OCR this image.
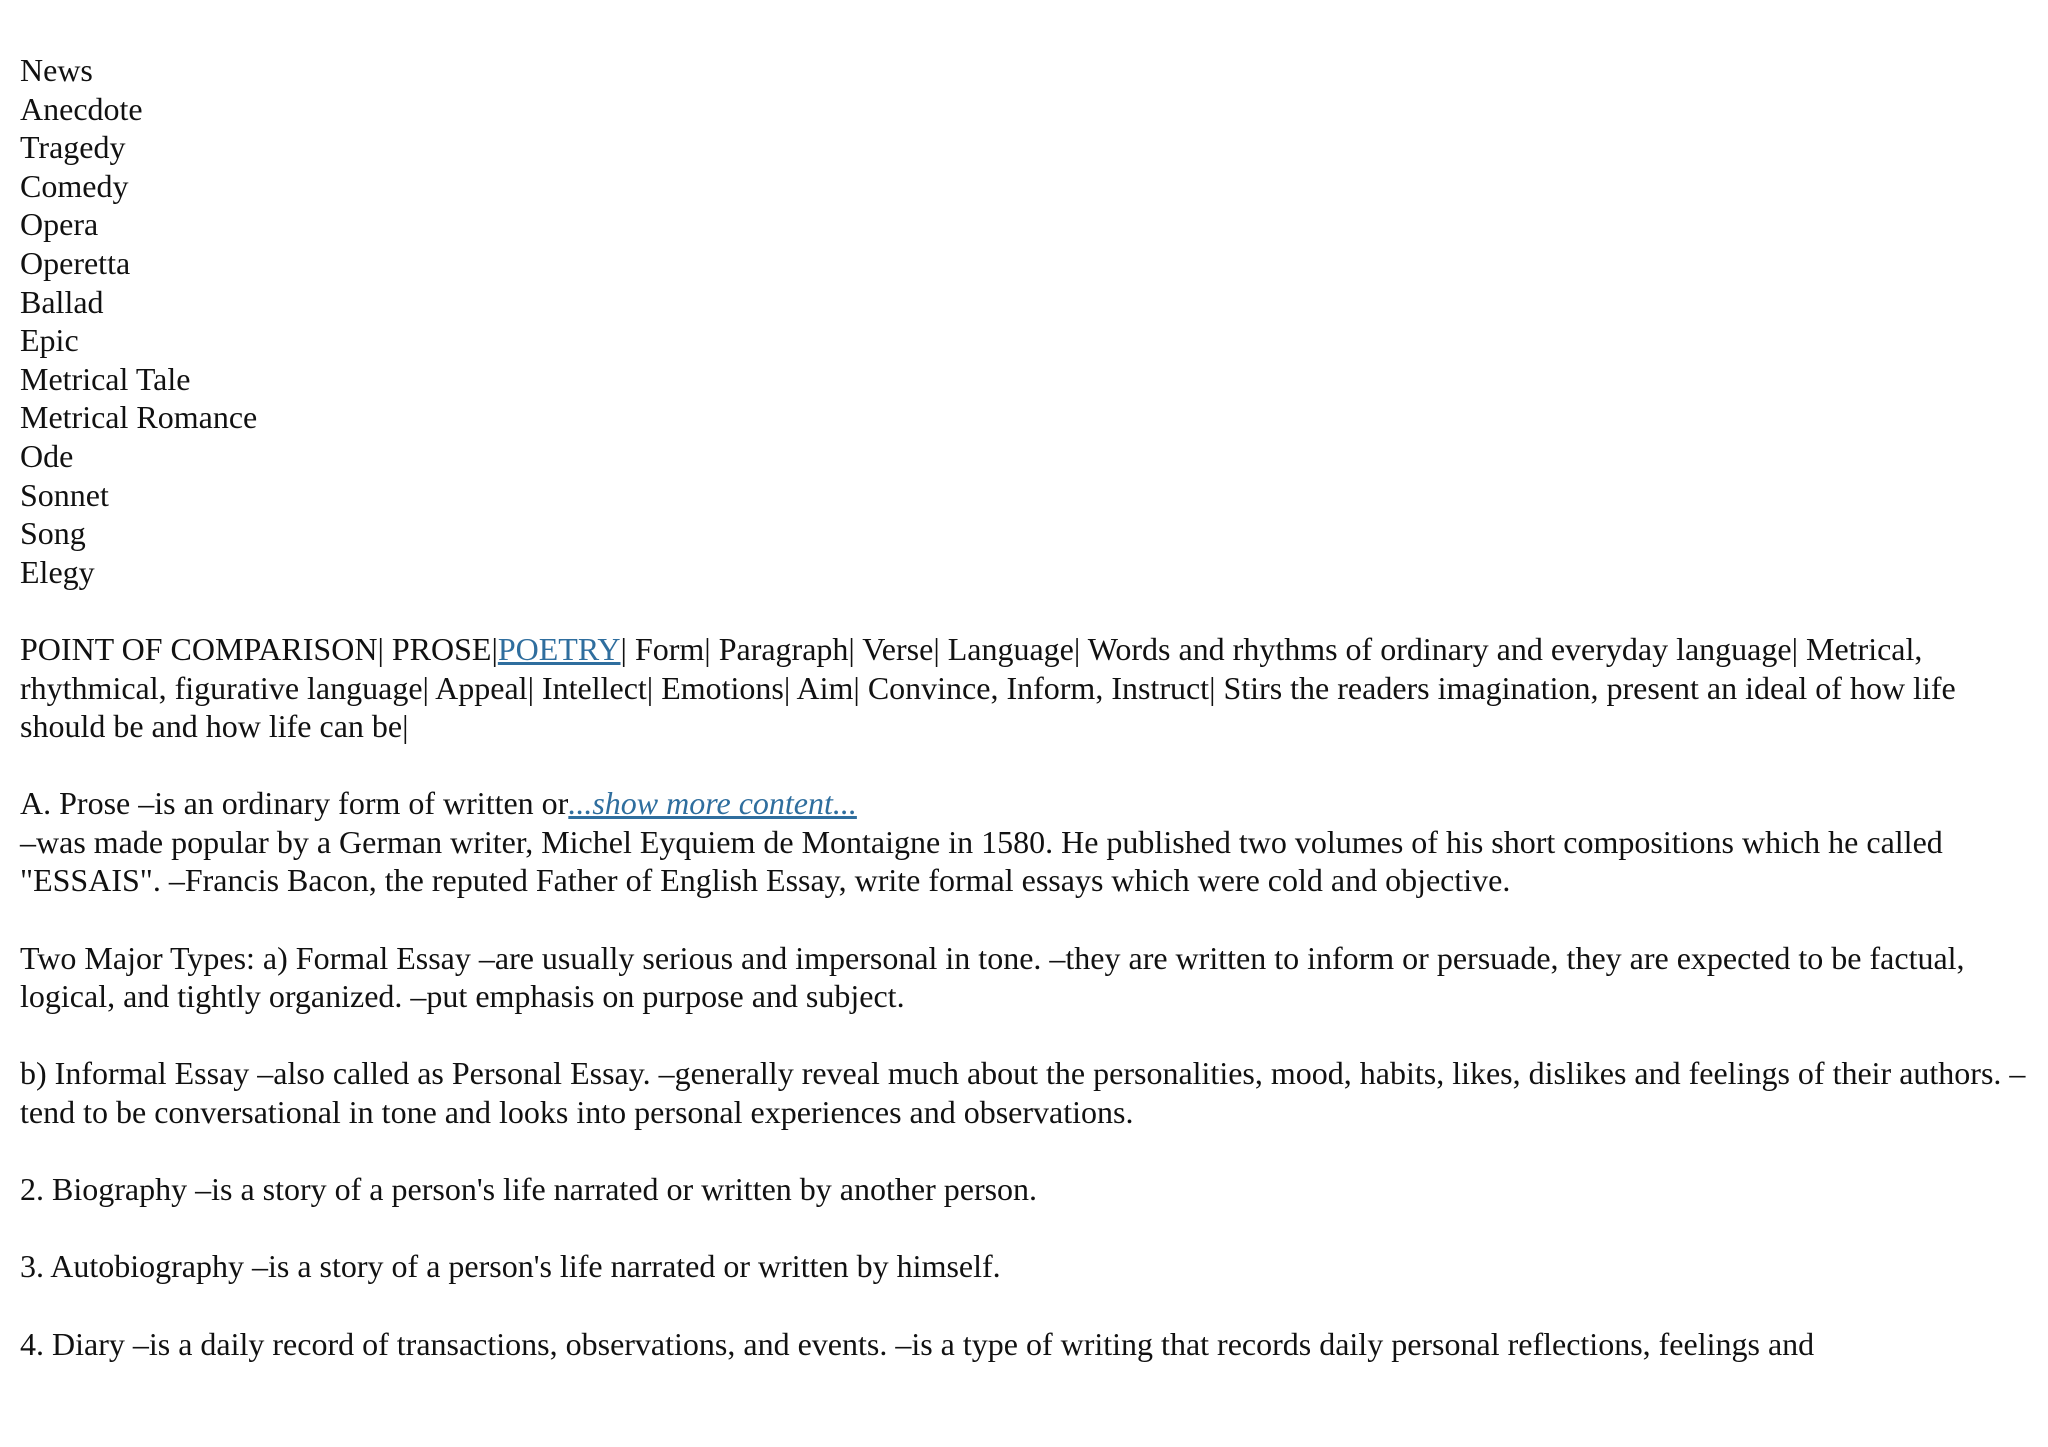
News
Anecdote
Tragedy
Comedy
Opera
Operetta
Ballad
Epic
Metrical Tale
Metrical Romance
Ode
Sonnet
Song
Elegy

POINT OF COMPARISON| PROSE|POETRY| Form| Paragraph| Verse| Language| Words and rhythms of ordinary and everyday language| Metrical, rhythmical, figurative language| Appeal| Intellect| Emotions| Aim| Convince, Inform, Instruct| Stirs the readers imagination, present an ideal of how life should be and how life can be|

A. Prose –is an ordinary form of written or...show more content...
–was made popular by a German writer, Michel Eyquiem de Montaigne in 1580. He published two volumes of his short compositions which he called "ESSAIS". –Francis Bacon, the reputed Father of English Essay, write formal essays which were cold and objective.

Two Major Types: a) Formal Essay –are usually serious and impersonal in tone. –they are written to inform or persuade, they are expected to be factual, logical, and tightly organized. –put emphasis on purpose and subject.

b) Informal Essay –also called as Personal Essay. –generally reveal much about the personalities, mood, habits, likes, dislikes and feelings of their authors. –tend to be conversational in tone and looks into personal experiences and observations.

2. Biography –is a story of a person's life narrated or written by another person.

3. Autobiography –is a story of a person's life narrated or written by himself.

4. Diary –is a daily record of transactions, observations, and events. –is a type of writing that records daily personal reflections, feelings and
